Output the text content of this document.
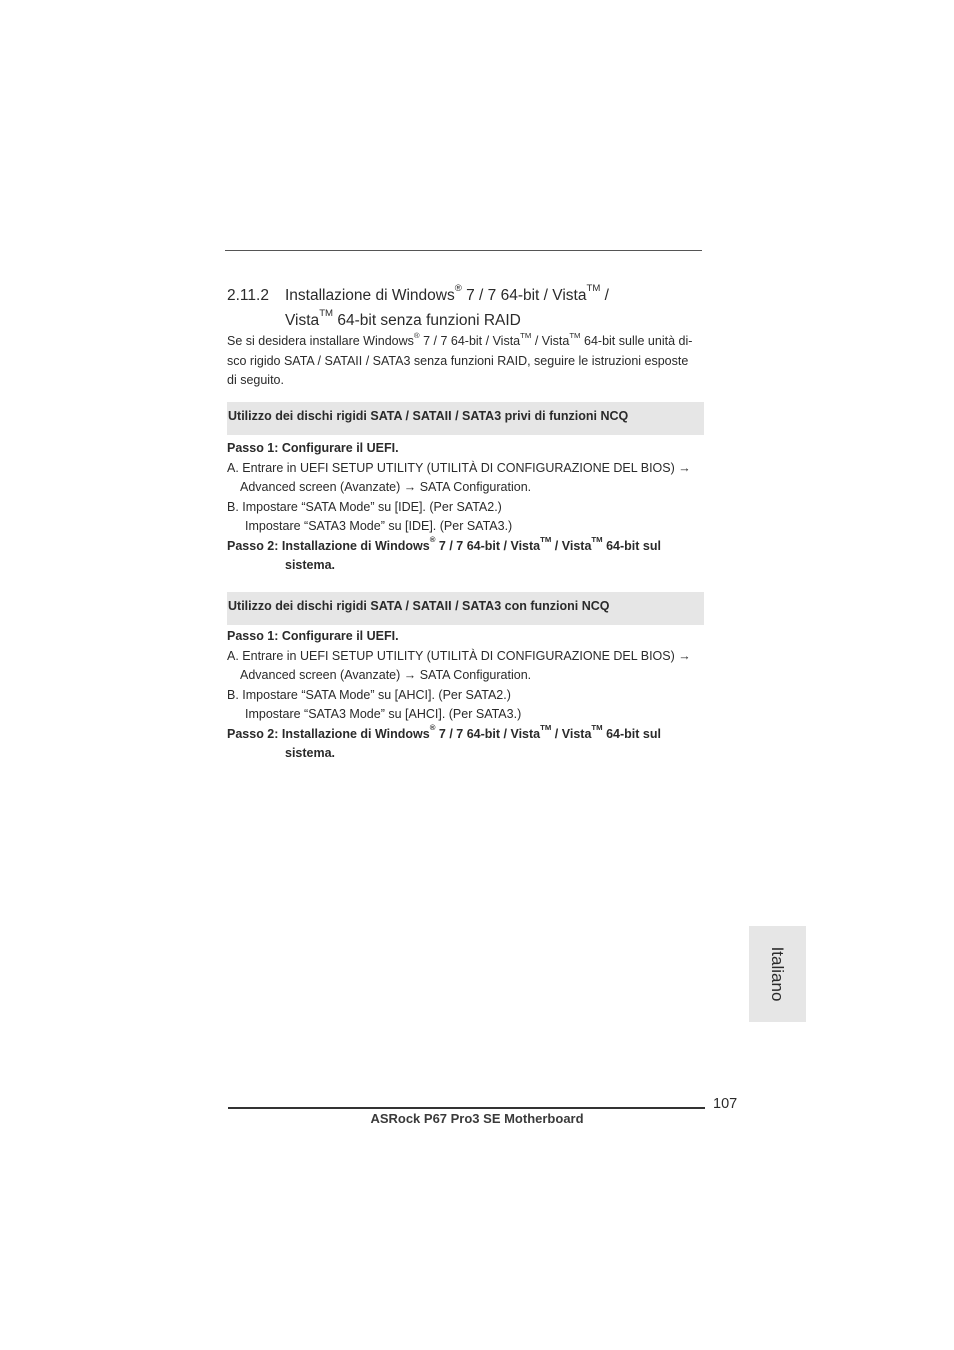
2.11.2 Installazione di Windows® 7 / 7 64-bit / Vista™ /
Vista™ 64-bit senza funzioni RAID
Se si desidera installare Windows® 7 / 7 64-bit / Vista™ / Vista™ 64-bit sulle unità di-
sco rigido SATA / SATAII / SATA3 senza funzioni RAID, seguire le istruzioni esposte
di seguito.
Utilizzo dei dischi rigidi SATA / SATAII / SATA3 privi di funzioni NCQ
Passo 1: Configurare il UEFI.
A. Entrare in UEFI SETUP UTILITY (UTILITÀ DI CONFIGURAZIONE DEL BIOS) →
Advanced screen (Avanzate) → SATA Configuration.
B. Impostare “SATA Mode” su [IDE]. (Per SATA2.)
Impostare “SATA3 Mode” su [IDE]. (Per SATA3.)
Passo 2: Installazione di Windows® 7 / 7 64-bit / Vista™ / Vista™ 64-bit sul
sistema.
Utilizzo dei dischi rigidi SATA / SATAII / SATA3 con funzioni NCQ
Passo 1: Configurare il UEFI.
A. Entrare in UEFI SETUP UTILITY (UTILITÀ DI CONFIGURAZIONE DEL BIOS) →
Advanced screen (Avanzate) → SATA Configuration.
B. Impostare “SATA Mode” su [AHCI]. (Per SATA2.)
Impostare “SATA3 Mode” su [AHCI]. (Per SATA3.)
Passo 2: Installazione di Windows® 7 / 7 64-bit / Vista™ / Vista™ 64-bit sul
sistema.
Italiano
107
ASRock P67 Pro3 SE Motherboard
